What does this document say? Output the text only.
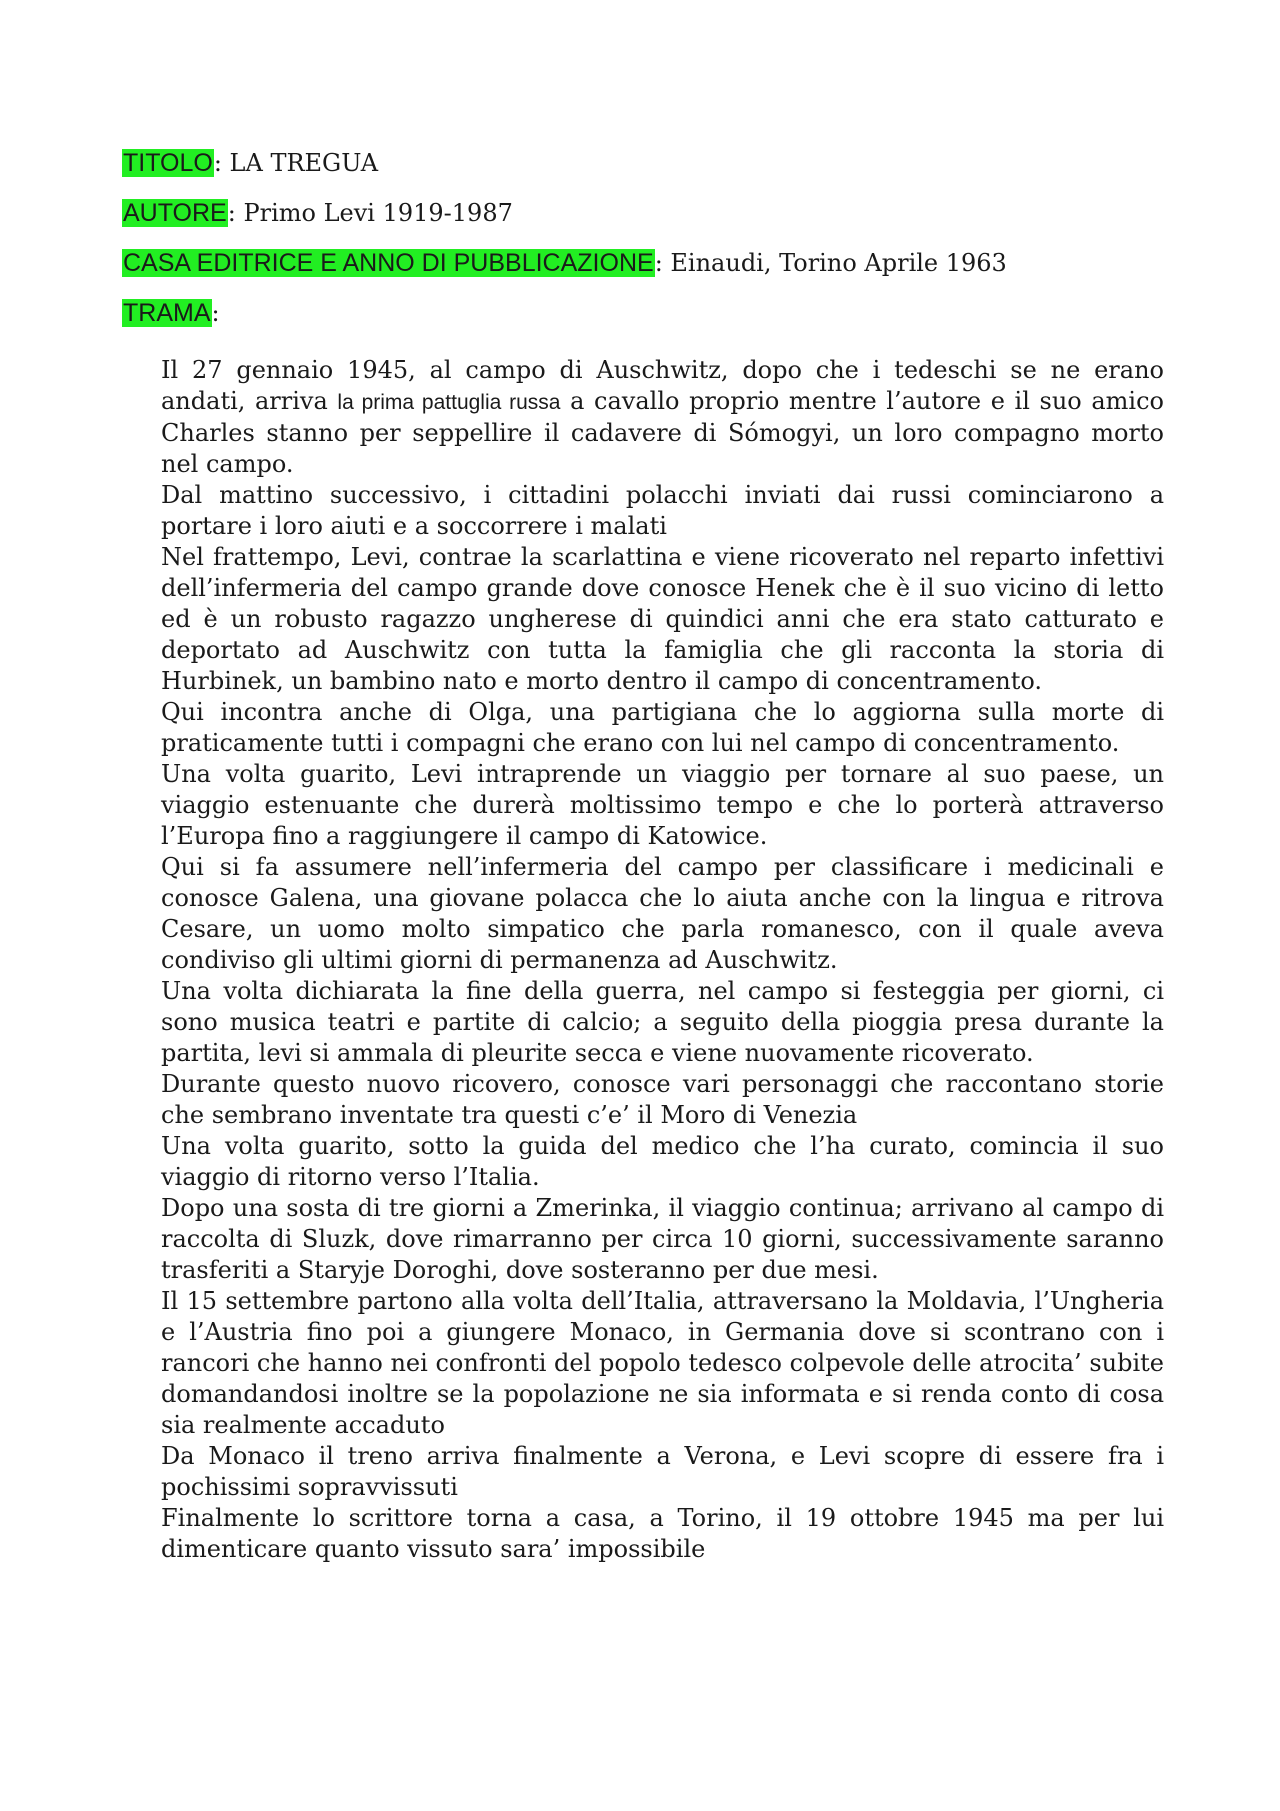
TITOLO: LA TREGUA
AUTORE: Primo Levi 1919-1987
CASA EDITRICE E ANNO DI PUBBLICAZIONE: Einaudi, Torino Aprile 1963
TRAMA:

Il 27 gennaio 1945, al campo di Auschwitz, dopo che i tedeschi se ne erano andati, arriva la prima pattuglia russa a cavallo proprio mentre l’autore e il suo amico Charles stanno per seppellire il cadavere di Sómogyi, un loro compagno morto nel campo.

Dal mattino successivo, i cittadini polacchi inviati dai russi cominciarono a portare i loro aiuti e a soccorrere i malati

Nel frattempo, Levi, contrae la scarlattina e viene ricoverato nel reparto infettivi dell’infermeria del campo grande dove conosce Henek che è il suo vicino di letto ed è un robusto ragazzo ungherese di quindici anni che era stato catturato e deportato ad Auschwitz con tutta la famiglia che gli racconta la storia di Hurbinek, un bambino nato e morto dentro il campo di concentramento.

Qui incontra anche di Olga, una partigiana che lo aggiorna sulla morte di praticamente tutti i compagni che erano con lui nel campo di concentramento.

Una volta guarito, Levi intraprende un viaggio per tornare al suo paese, un viaggio estenuante che durerà moltissimo tempo e che lo porterà attraverso l’Europa fino a raggiungere il campo di Katowice.

Qui si fa assumere nell’infermeria del campo per classificare i medicinali e conosce Galena, una giovane polacca che lo aiuta anche con la lingua e ritrova Cesare, un uomo molto simpatico che parla romanesco, con il quale aveva condiviso gli ultimi giorni di permanenza ad Auschwitz.

Una volta dichiarata la fine della guerra, nel campo si festeggia per giorni, ci sono musica teatri e partite di calcio; a seguito della pioggia presa durante la partita, levi si ammala di pleurite secca e viene nuovamente ricoverato.

Durante questo nuovo ricovero, conosce vari personaggi che raccontano storie che sembrano inventate tra questi c’e’ il Moro di Venezia

Una volta guarito, sotto la guida del medico che l’ha curato, comincia il suo viaggio di ritorno verso l’Italia.

Dopo una sosta di tre giorni a Zmerinka, il viaggio continua; arrivano al campo di raccolta di Sluzk, dove rimarranno per circa 10 giorni, successivamente saranno trasferiti a Staryje Doroghi, dove sosteranno per due mesi.

Il 15 settembre partono alla volta dell’Italia, attraversano la Moldavia, l’Ungheria e l’Austria fino poi a giungere Monaco, in Germania dove si scontrano con i rancori che hanno nei confronti del popolo tedesco colpevole delle atrocita’ subite domandandosi inoltre se la popolazione ne sia informata e si renda conto di cosa sia realmente accaduto

Da Monaco il treno arriva finalmente a Verona, e Levi scopre di essere fra i pochissimi sopravvissuti

Finalmente lo scrittore torna a casa, a Torino, il 19 ottobre 1945 ma per lui dimenticare quanto vissuto sara’ impossibile
